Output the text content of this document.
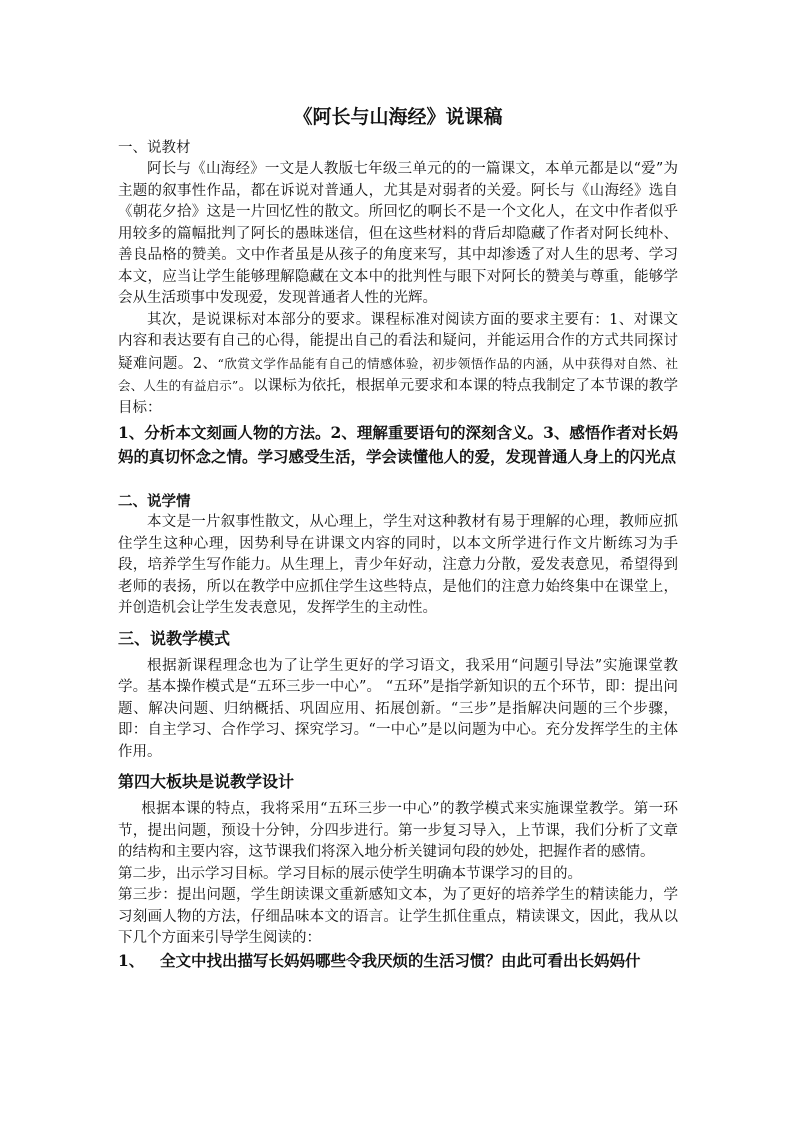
《阿长与山海经》说课稿
一、说教材

阿长与《山海经》一文是人教版七年级三单元的的一篇课文，本单元都是以“爱”为主题的叙事性作品，都在诉说对普通人，尤其是对弱者的关爱。阿长与《山海经》选自《朝花夕拾》这是一片回忆性的散文。所回忆的啊长不是一个文化人，在文中作者似乎用较多的篇幅批判了阿长的愚昧迷信，但在这些材料的背后却隐藏了作者对阿长纯朴、善良品格的赞美。文中作者虽是从孩子的角度来写，其中却渗透了对人生的思考、学习本文，应当让学生能够理解隐藏在文本中的批判性与眼下对阿长的赞美与尊重，能够学会从生活琐事中发现爱，发现普通者人性的光辉。

其次，是说课标对本部分的要求。课程标准对阅读方面的要求主要有：1、对课文内容和表达要有自己的心得，能提出自己的看法和疑问，并能运用合作的方式共同探讨疑难问题。2、“欣赏文学作品能有自己的情感体验，初步领悟作品的内涵，从中获得对自然、社会、人生的有益启示”。以课标为依托，根据单元要求和本课的特点我制定了本节课的教学目标：

1、分析本文刻画人物的方法。2、理解重要语句的深刻含义。3、感悟作者对长妈妈的真切怀念之情。学习感受生活，学会读懂他人的爱，发现普通人身上的闪光点

二、说学情

本文是一片叙事性散文，从心理上，学生对这种教材有易于理解的心理，教师应抓住学生这种心理，因势利导在讲课文内容的同时，以本文所学进行作文片断练习为手段，培养学生写作能力。从生理上，青少年好动，注意力分散，爱发表意见，希望得到老师的表扬，所以在教学中应抓住学生这些特点，是他们的注意力始终集中在课堂上，并创造机会让学生发表意见，发挥学生的主动性。

三、说教学模式

根据新课程理念也为了让学生更好的学习语文，我采用“问题引导法”实施课堂教学。基本操作模式是“五环三步一中心”。 “五环”是指学新知识的五个环节，即：提出问题、解决问题、归纳概括、巩固应用、拓展创新。“三步”是指解决问题的三个步骤，即：自主学习、合作学习、探究学习。“一中心”是以问题为中心。充分发挥学生的主体作用。

第四大板块是说教学设计

根据本课的特点，我将采用“五环三步一中心”的教学模式来实施课堂教学。第一环节，提出问题，预设十分钟，分四步进行。第一步复习导入，上节课，我们分析了文章的结构和主要内容，这节课我们将深入地分析关键词句段的妙处，把握作者的感情。

第二步，出示学习目标。学习目标的展示使学生明确本节课学习的目的。

第三步：提出问题，学生朗读课文重新感知文本，为了更好的培养学生的精读能力，学习刻画人物的方法，仔细品味本文的语言。让学生抓住重点，精读课文，因此，我从以下几个方面来引导学生阅读的：

1、 全文中找出描写长妈妈哪些令我厌烦的生活习惯？由此可看出长妈妈什
